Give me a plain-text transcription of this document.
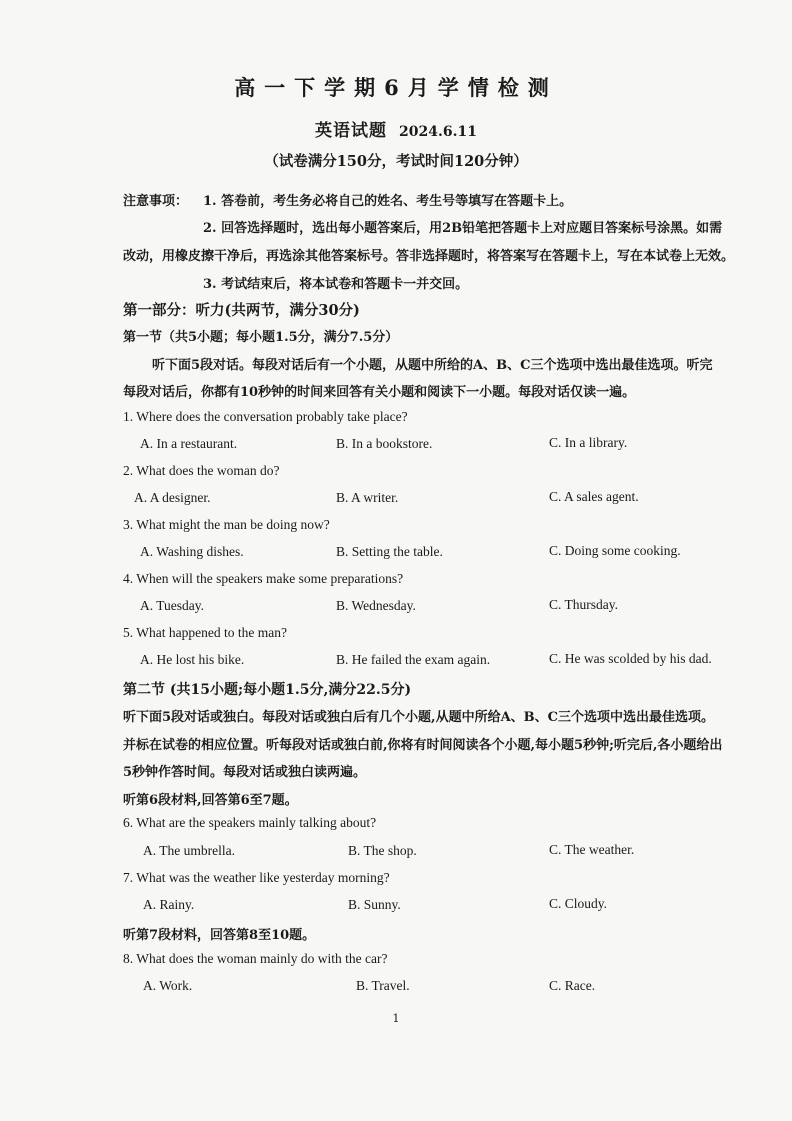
高一下学期6月学情检测
英语试题 2024.6.11
（试卷满分150分，考试时间120分钟）
注意事项： 1. 答卷前，考生务必将自己的姓名、考生号等填写在答题卡上。
2. 回答选择题时，选出每小题答案后，用2B铅笔把答题卡上对应题目答案标号涂黑。如需
改动，用橡皮擦干净后，再选涂其他答案标号。答非选择题时，将答案写在答题卡上，写在本试卷上无效。
3. 考试结束后，将本试卷和答题卡一并交回。
第一部分：听力(共两节，满分30分)
第一节（共5小题；每小题1.5分，满分7.5分）
听下面5段对话。每段对话后有一个小题，从题中所给的A、B、C三个选项中选出最佳选项。听完
每段对话后，你都有10秒钟的时间来回答有关小题和阅读下一小题。每段对话仅读一遍。
1. Where does the conversation probably take place?
A. In a restaurant.	B. In a bookstore.	C. In a library.
2. What does the woman do?
A. A designer.	B. A writer.	C. A sales agent.
3. What might the man be doing now?
A. Washing dishes.	B. Setting the table.	C. Doing some cooking.
4. When will the speakers make some preparations?
A. Tuesday.	B. Wednesday.	C. Thursday.
5. What happened to the man?
A. He lost his bike.	B. He failed the exam again.	C. He was scolded by his dad.
第二节 (共15小题;每小题1.5分,满分22.5分)
听下面5段对话或独白。每段对话或独白后有几个小题,从题中所给A、B、C三个选项中选出最佳选项。
并标在试卷的相应位置。听每段对话或独白前,你将有时间阅读各个小题,每小题5秒钟;听完后,各小题给出
5秒钟作答时间。每段对话或独白读两遍。
听第6段材料,回答第6至7题。
6. What are the speakers mainly talking about?
A. The umbrella.	B. The shop.	C. The weather.
7. What was the weather like yesterday morning?
A. Rainy.	B. Sunny.	C. Cloudy.
听第7段材料，回答第8至10题。
8. What does the woman mainly do with the car?
A. Work.	B. Travel.	C. Race.
1
